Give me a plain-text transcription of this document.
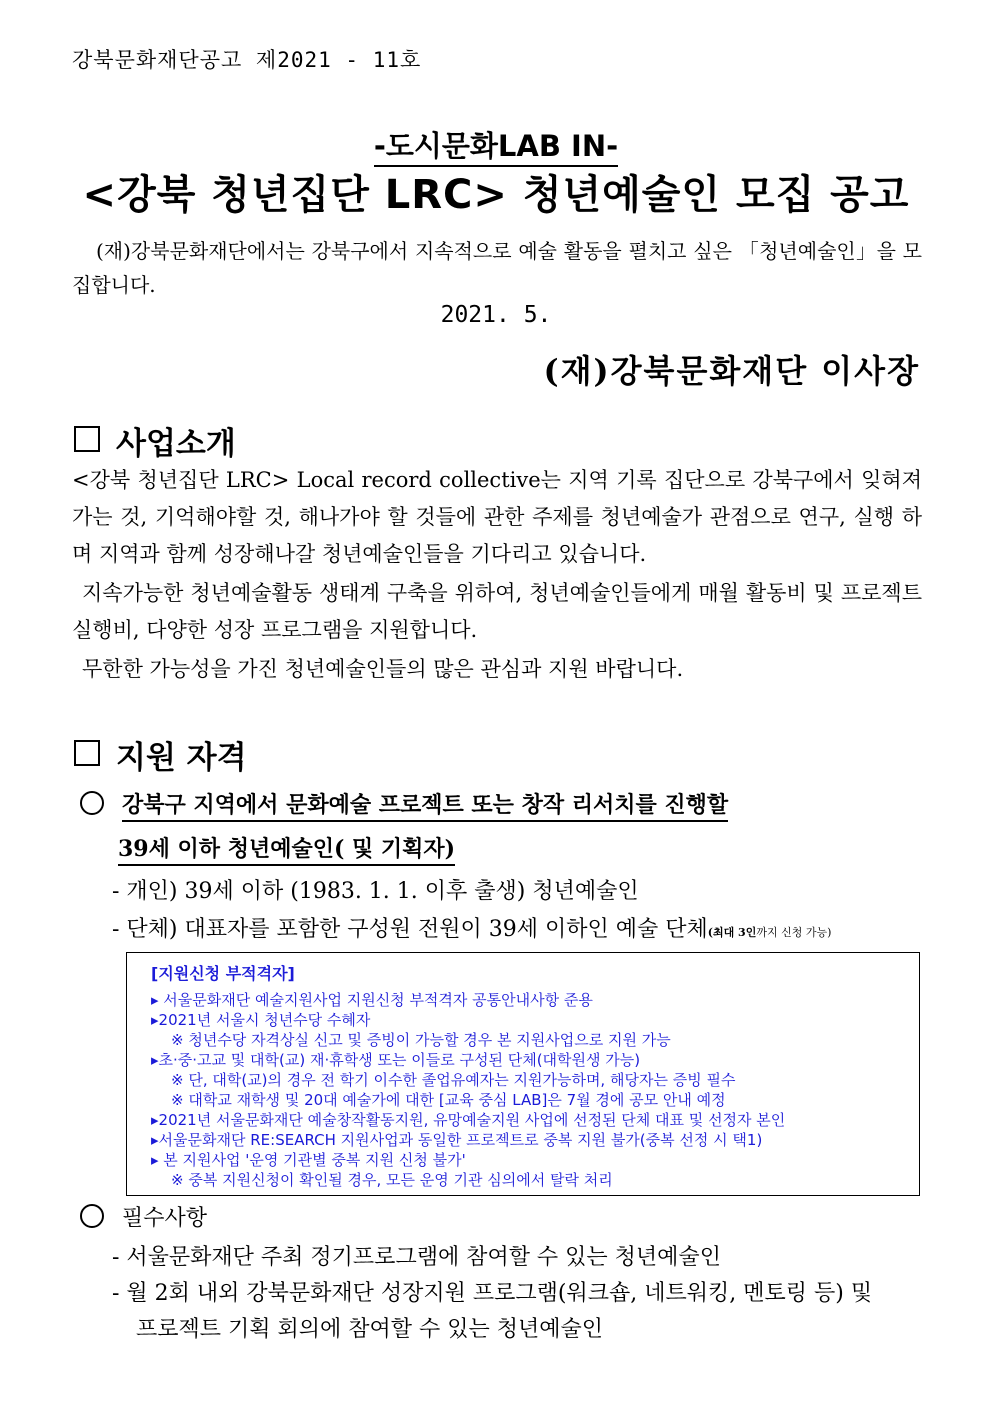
강북문화재단공고 제2021 - 11호
-도시문화LAB IN-
<강북 청년집단 LRC> 청년예술인 모집 공고
(재)강북문화재단에서는 강북구에서 지속적으로 예술 활동을 펼치고 싶은 「청년예술인」을 모집합니다.
2021. 5.
(재)강북문화재단 이사장
사업소개
<강북 청년집단 LRC> Local record collective는 지역 기록 집단으로 강북구에서 잊혀져 가는 것, 기억해야할 것, 해나가야 할 것들에 관한 주제를 청년예술가 관점으로 연구, 실행 하며 지역과 함께 성장해나갈 청년예술인들을 기다리고 있습니다.
지속가능한 청년예술활동 생태계 구축을 위하여, 청년예술인들에게 매월 활동비 및 프로젝트 실행비, 다양한 성장 프로그램을 지원합니다.
무한한 가능성을 가진 청년예술인들의 많은 관심과 지원 바랍니다.
지원 자격
강북구 지역에서 문화예술 프로젝트 또는 창작 리서치를 진행할
39세 이하 청년예술인( 및 기획자)
- 개인) 39세 이하 (1983. 1. 1. 이후 출생) 청년예술인
- 단체) 대표자를 포함한 구성원 전원이 39세 이하인 예술 단체(최대 3인까지 신청 가능)
[지원신청 부적격자]
▸ 서울문화재단 예술지원사업 지원신청 부적격자 공통안내사항 준용
▸2021년 서울시 청년수당 수혜자
※ 청년수당 자격상실 신고 및 증빙이 가능할 경우 본 지원사업으로 지원 가능
▸초·중·고교 및 대학(교) 재·휴학생 또는 이들로 구성된 단체(대학원생 가능)
※ 단, 대학(교)의 경우 전 학기 이수한 졸업유예자는 지원가능하며, 해당자는 증빙 필수
※ 대학교 재학생 및 20대 예술가에 대한 [교육 중심 LAB]은 7월 경에 공모 안내 예정
▸2021년 서울문화재단 예술창작활동지원, 유망예술지원 사업에 선정된 단체 대표 및 선정자 본인
▸서울문화재단 RE:SEARCH 지원사업과 동일한 프로젝트로 중복 지원 불가(중복 선정 시 택1)
▸ 본 지원사업 '운영 기관별 중복 지원 신청 불가'
※ 중복 지원신청이 확인될 경우, 모든 운영 기관 심의에서 탈락 처리
필수사항
- 서울문화재단 주최 정기프로그램에 참여할 수 있는 청년예술인
- 월 2회 내외 강북문화재단 성장지원 프로그램(워크숍, 네트워킹, 멘토링 등) 및
프로젝트 기획 회의에 참여할 수 있는 청년예술인
